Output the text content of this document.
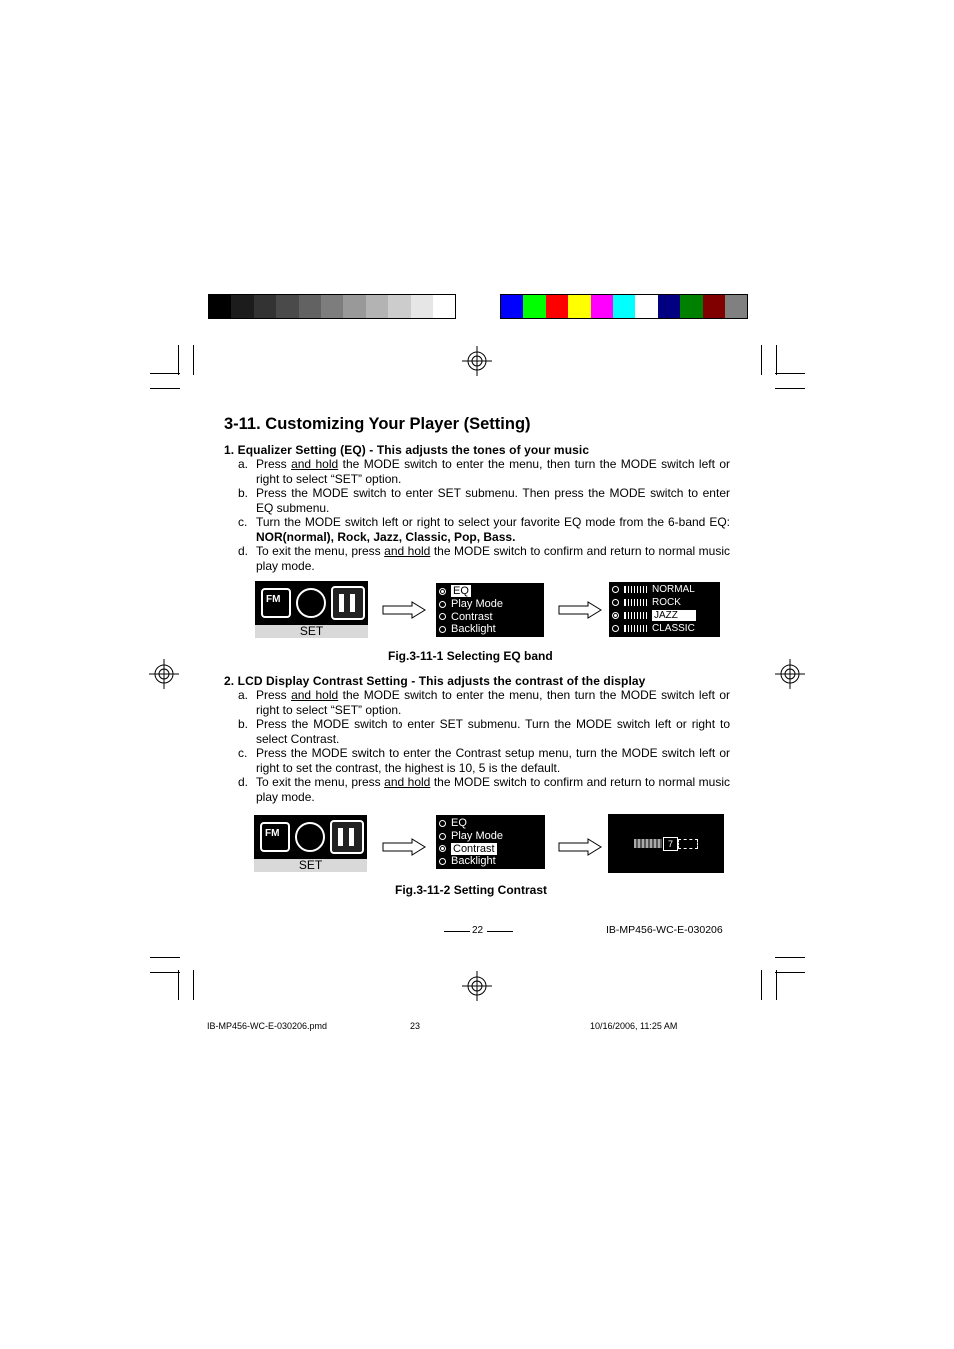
3-11. Customizing Your Player (Setting)
1. Equalizer Setting (EQ) - This adjusts the tones of your music
a. Press and hold the MODE switch to enter the menu, then turn the MODE switch left or right to select “SET” option.
b. Press the MODE switch to enter SET submenu. Then press the MODE switch to enter EQ submenu.
c. Turn the MODE switch left or right to select your favorite EQ mode from the 6-band EQ: NOR(normal), Rock, Jazz, Classic, Pop, Bass.
d. To exit the menu, press and hold the MODE switch to confirm and return to normal music play mode.
FM
SET
EQ
Play Mode
Contrast
Backlight
NORMAL
ROCK
JAZZ
CLASSIC
Fig.3-11-1 Selecting EQ band
2. LCD Display Contrast Setting - This adjusts the contrast of the display
a. Press and hold the MODE switch to enter the menu, then turn the MODE switch left or right to select “SET” option.
b. Press the MODE switch to enter SET submenu. Turn the MODE switch left or right to select Contrast.
c. Press the MODE switch to enter the Contrast setup menu, turn the MODE switch left or right to set the contrast, the highest is 10, 5 is the default.
d. To exit the menu, press and hold the MODE switch to confirm and return to normal music play mode.
FM
SET
EQ
Play Mode
Contrast
Backlight
7
Fig.3-11-2 Setting Contrast
22	IB-MP456-WC-E-030206
IB-MP456-WC-E-030206.pmd	23	10/16/2006, 11:25 AM
